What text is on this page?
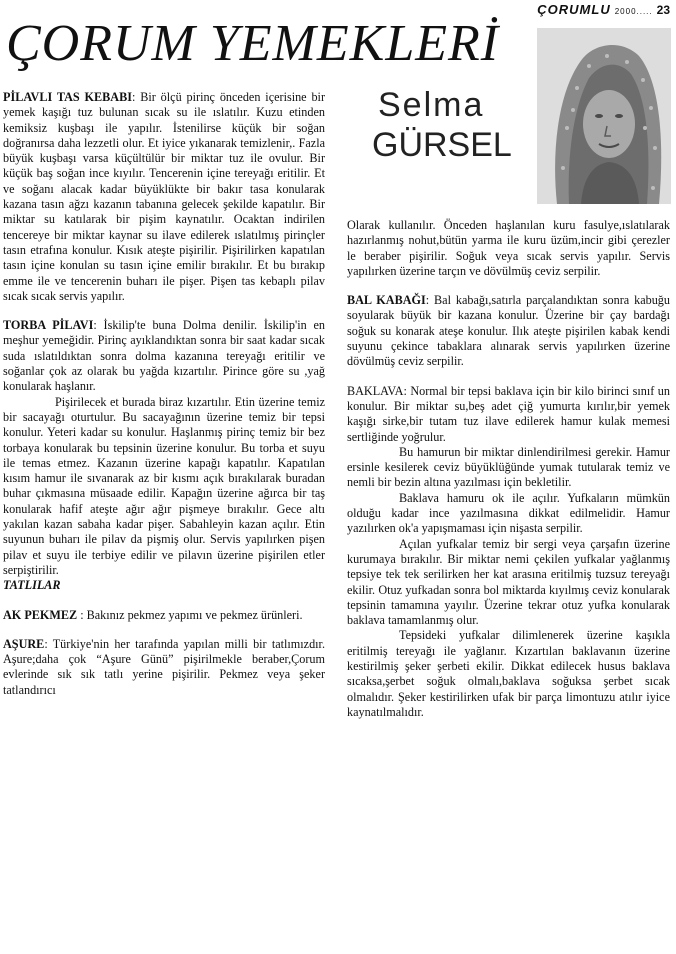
ÇORUMLU 2000..... 23
ÇORUM YEMEKLERİ
Selma
GÜRSEL

PİLAVLI TAS KEBABI: Bir ölçü pirinç önceden içerisine bir yemek kaşığı tuz bulunan sıcak su ile ıslatılır. Kuzu etinden kemiksiz kuşbaşı ile yapılır. İstenilirse küçük bir soğan doğranırsa daha lezzetli olur. Et iyice yıkanarak temizlenir,. Fazla büyük kuşbaşı varsa küçültülür bir miktar tuz ile ovulur. Bir küçük baş soğan ince kıyılır. Tencerenin içine tereyağı eritilir. Et ve soğanı alacak kadar büyüklükte bir bakır tasa konularak kazana tasın ağzı kazanın tabanına gelecek şekilde kapatılır. Bir miktar su katılarak bir pişim kaynatılır. Ocaktan indirilen tencereye bir miktar kaynar su ilave edilerek ıslatılmış pirinçler tasın etrafına konulur. Kısık ateşte pişirilir. Pişirilirken kapatılan tasın içine konulan su tasın içine emilir bırakılır. Et bu bırakıp emme ile ve tencerenin buharı ile pişer. Pişen tas kebaplı pilav sıcak sıcak servis yapılır.

TORBA PİLAVI: İskilip'te buna Dolma denilir. İskilip'in en meşhur yemeğidir. Pirinç ayıklandıktan sonra bir saat kadar sıcak suda ıslatıldıktan sonra dolma kazanına tereyağı eritilir ve soğanlar çok az olarak bu yağda kızartılır. Pirince göre su ,yağ konularak haşlanır.

Pişirilecek et burada biraz kızartılır. Etin üzerine temiz bir sacayağı oturtulur. Bu sacayağının üzerine temiz bir tepsi konulur. Yeteri kadar su konulur. Haşlanmış pirinç temiz bir bez torbaya konularak bu tepsinin üzerine konulur. Bu torba et suyu ile temas etmez. Kazanın üzerine kapağı kapatılır. Kapatılan kısım hamur ile sıvanarak az bir kısmı açık bırakılarak buradan buhar çıkmasına müsaade edilir. Kapağın üzerine ağırca bir taş konularak hafif ateşte ağır ağır pişmeye bırakılır. Gece altı yakılan kazan sabaha kadar pişer. Sabahleyin kazan açılır. Etin suyunun buharı ile pilav da pişmiş olur. Servis yapılırken pişen pilav et suyu ile terbiye edilir ve pilavın üzerine pişirilen etler serpiştirilir.

TATLILAR

AK PEKMEZ : Bakınız pekmez yapımı ve pekmez ürünleri.

AŞURE: Türkiye'nin her tarafında yapılan milli bir tatlımızdır. Aşure;daha çok “Aşure Günü” pişirilmekle beraber,Çorum evlerinde sık sık tatlı yerine pişirilir. Pekmez veya şeker tatlandırıcı

Olarak kullanılır. Önceden haşlanılan kuru fasulye,ıslatılarak hazırlanmış nohut,bütün yarma ile kuru üzüm,incir gibi çerezler le beraber pişirilir. Soğuk veya sıcak servis yapılır. Servis yapılırken üzerine tarçın ve dövülmüş ceviz serpilir.

BAL KABAĞI: Bal kabağı,satırla parçalandıktan sonra kabuğu soyularak büyük bir kazana konulur. Üzerine bir çay bardağı soğuk su konarak ateşe konulur. Ilık ateşte pişirilen kabak kendi suyunu çekince tabaklara alınarak servis yapılırken üzerine dövülmüş ceviz serpilir.

BAKLAVA: Normal bir tepsi baklava için bir kilo birinci sınıf un konulur. Bir miktar su,beş adet çiğ yumurta kırılır,bir yemek kaşığı sirke,bir tutam tuz ilave edilerek hamur kulak memesi sertliğinde yoğrulur.

Bu hamurun bir miktar dinlendirilmesi gerekir. Hamur ersinle kesilerek ceviz büyüklüğünde yumak tutularak temiz ve nemli bir bezin altına yazılması için bekletilir.

Baklava hamuru ok ile açılır. Yufkaların mümkün olduğu kadar ince yazılmasına dikkat edilmelidir. Hamur yazılırken ok'a yapışmaması için nişasta serpilir.

Açılan yufkalar temiz bir sergi veya çarşafın üzerine kurumaya bırakılır. Bir miktar nemi çekilen yufkalar yağlanmış tepsiye tek tek serilirken her kat arasına eritilmiş tuzsuz tereyağı ekilir. Otuz yufkadan sonra bol miktarda kıyılmış ceviz konularak tepsinin tamamına yayılır. Üzerine tekrar otuz yufka konularak baklava tamamlanmış olur.

Tepsideki yufkalar dilimlenerek üzerine kaşıkla eritilmiş tereyağı ile yağlanır. Kızartılan baklavanın üzerine kestirilmiş şeker şerbeti ekilir. Dikkat edilecek husus baklava sıcaksa,şerbet soğuk olmalı,baklava soğuksa şerbet sıcak olmalıdır. Şeker kestirilirken ufak bir parça limontuzu atılır iyice kaynatılmalıdır.
